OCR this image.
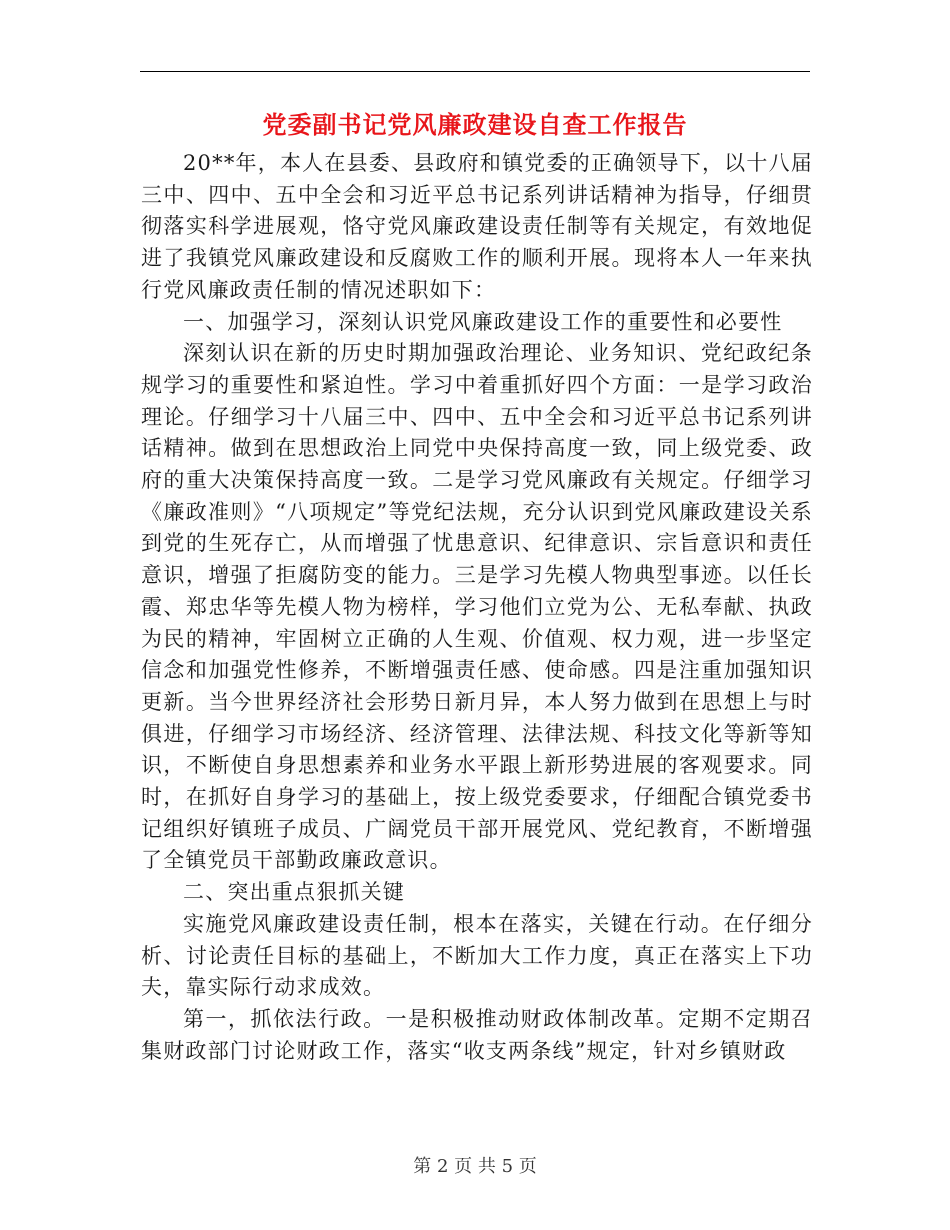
党委副书记党风廉政建设自查工作报告

20**年，本人在县委、县政府和镇党委的正确领导下，以十八届三中、四中、五中全会和习近平总书记系列讲话精神为指导，仔细贯彻落实科学进展观，恪守党风廉政建设责任制等有关规定，有效地促进了我镇党风廉政建设和反腐败工作的顺利开展。现将本人一年来执行党风廉政责任制的情况述职如下：

一、加强学习，深刻认识党风廉政建设工作的重要性和必要性

深刻认识在新的历史时期加强政治理论、业务知识、党纪政纪条规学习的重要性和紧迫性。学习中着重抓好四个方面：一是学习政治理论。仔细学习十八届三中、四中、五中全会和习近平总书记系列讲话精神。做到在思想政治上同党中央保持高度一致，同上级党委、政府的重大决策保持高度一致。二是学习党风廉政有关规定。仔细学习《廉政准则》“八项规定”等党纪法规，充分认识到党风廉政建设关系到党的生死存亡，从而增强了忧患意识、纪律意识、宗旨意识和责任意识，增强了拒腐防变的能力。三是学习先模人物典型事迹。以任长霞、郑忠华等先模人物为榜样，学习他们立党为公、无私奉献、执政为民的精神，牢固树立正确的人生观、价值观、权力观，进一步坚定信念和加强党性修养，不断增强责任感、使命感。四是注重加强知识更新。当今世界经济社会形势日新月异，本人努力做到在思想上与时俱进，仔细学习市场经济、经济管理、法律法规、科技文化等新等知识，不断使自身思想素养和业务水平跟上新形势进展的客观要求。同时，在抓好自身学习的基础上，按上级党委要求，仔细配合镇党委书记组织好镇班子成员、广阔党员干部开展党风、党纪教育，不断增强了全镇党员干部勤政廉政意识。

二、突出重点狠抓关键

实施党风廉政建设责任制，根本在落实，关键在行动。在仔细分析、讨论责任目标的基础上，不断加大工作力度，真正在落实上下功夫，靠实际行动求成效。

第一，抓依法行政。一是积极推动财政体制改革。定期不定期召集财政部门讨论财政工作，落实“收支两条线”规定，针对乡镇财政

第 2 页 共 5 页
